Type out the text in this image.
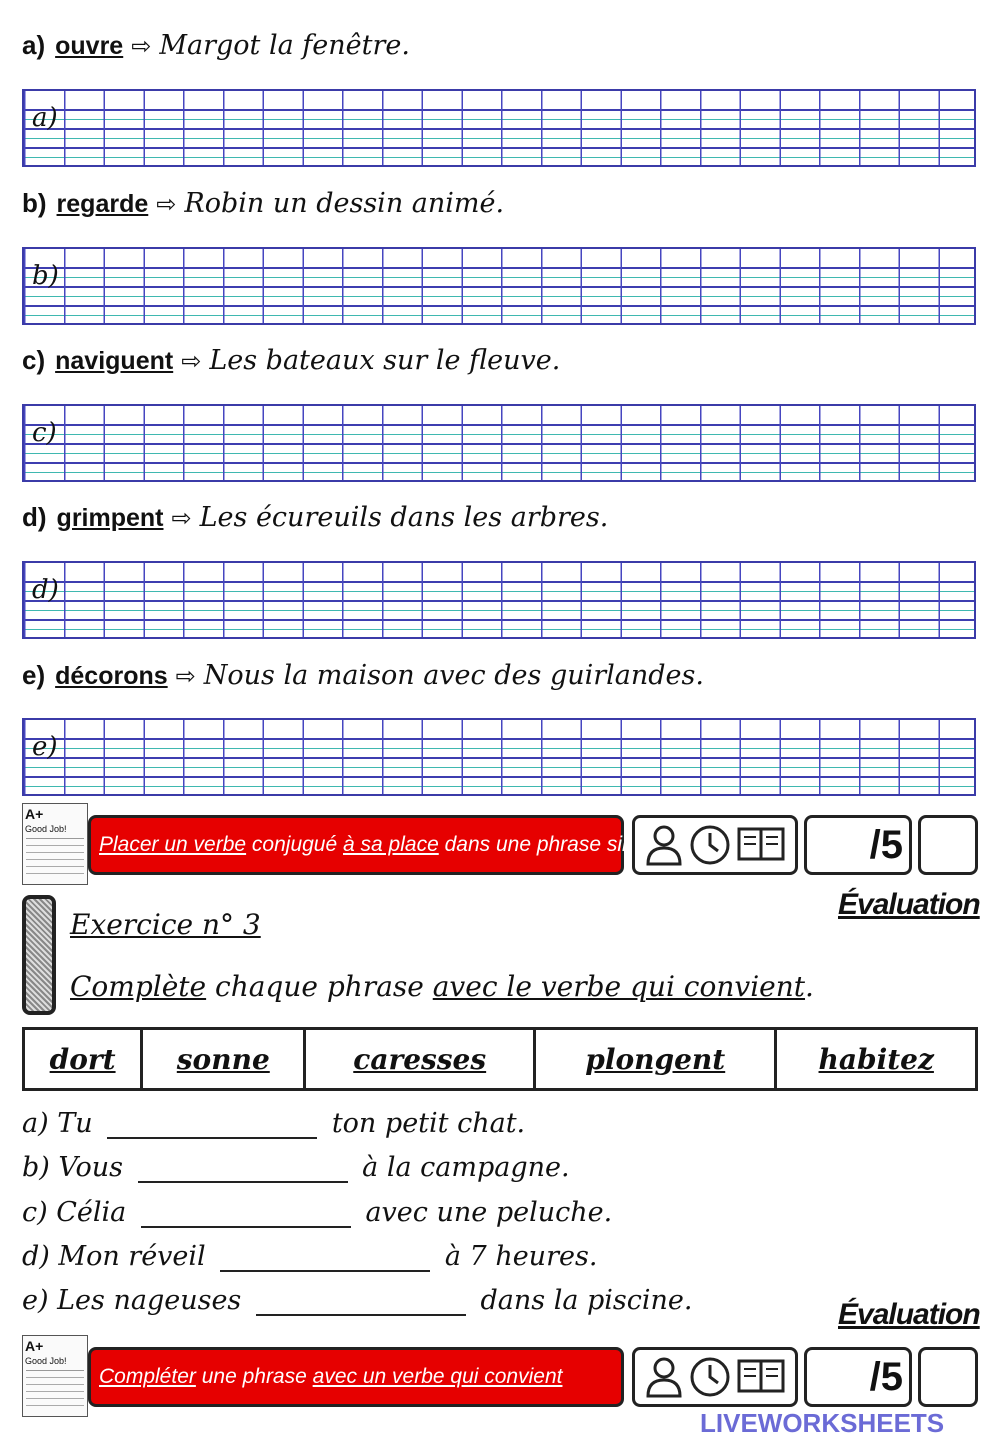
a) ouvre ⇨ Margot la fenêtre.
a)
b) regarde ⇨ Robin un dessin animé.
b)
c) naviguent ⇨ Les bateaux sur le fleuve.
c)
d) grimpent ⇨ Les écureuils dans les arbres.
d)
e) décorons ⇨ Nous la maison avec des guirlandes.
e)
A+
Good Job!
Placer un verbe conjugué à sa place dans une phrase simple	/5
Évaluation
Exercice n° 3
Complète chaque phrase avec le verbe qui convient.
dort	sonne	caresses	plongent	habitez
a) Tu	ton petit chat.
b) Vous	à la campagne.
c) Célia	avec une peluche.
d) Mon réveil	à 7 heures.
e) Les nageuses	dans la piscine.	Évaluation
A+
Good Job!
Compléter une phrase avec un verbe qui convient	/5
LIVEWORKSHEETS
